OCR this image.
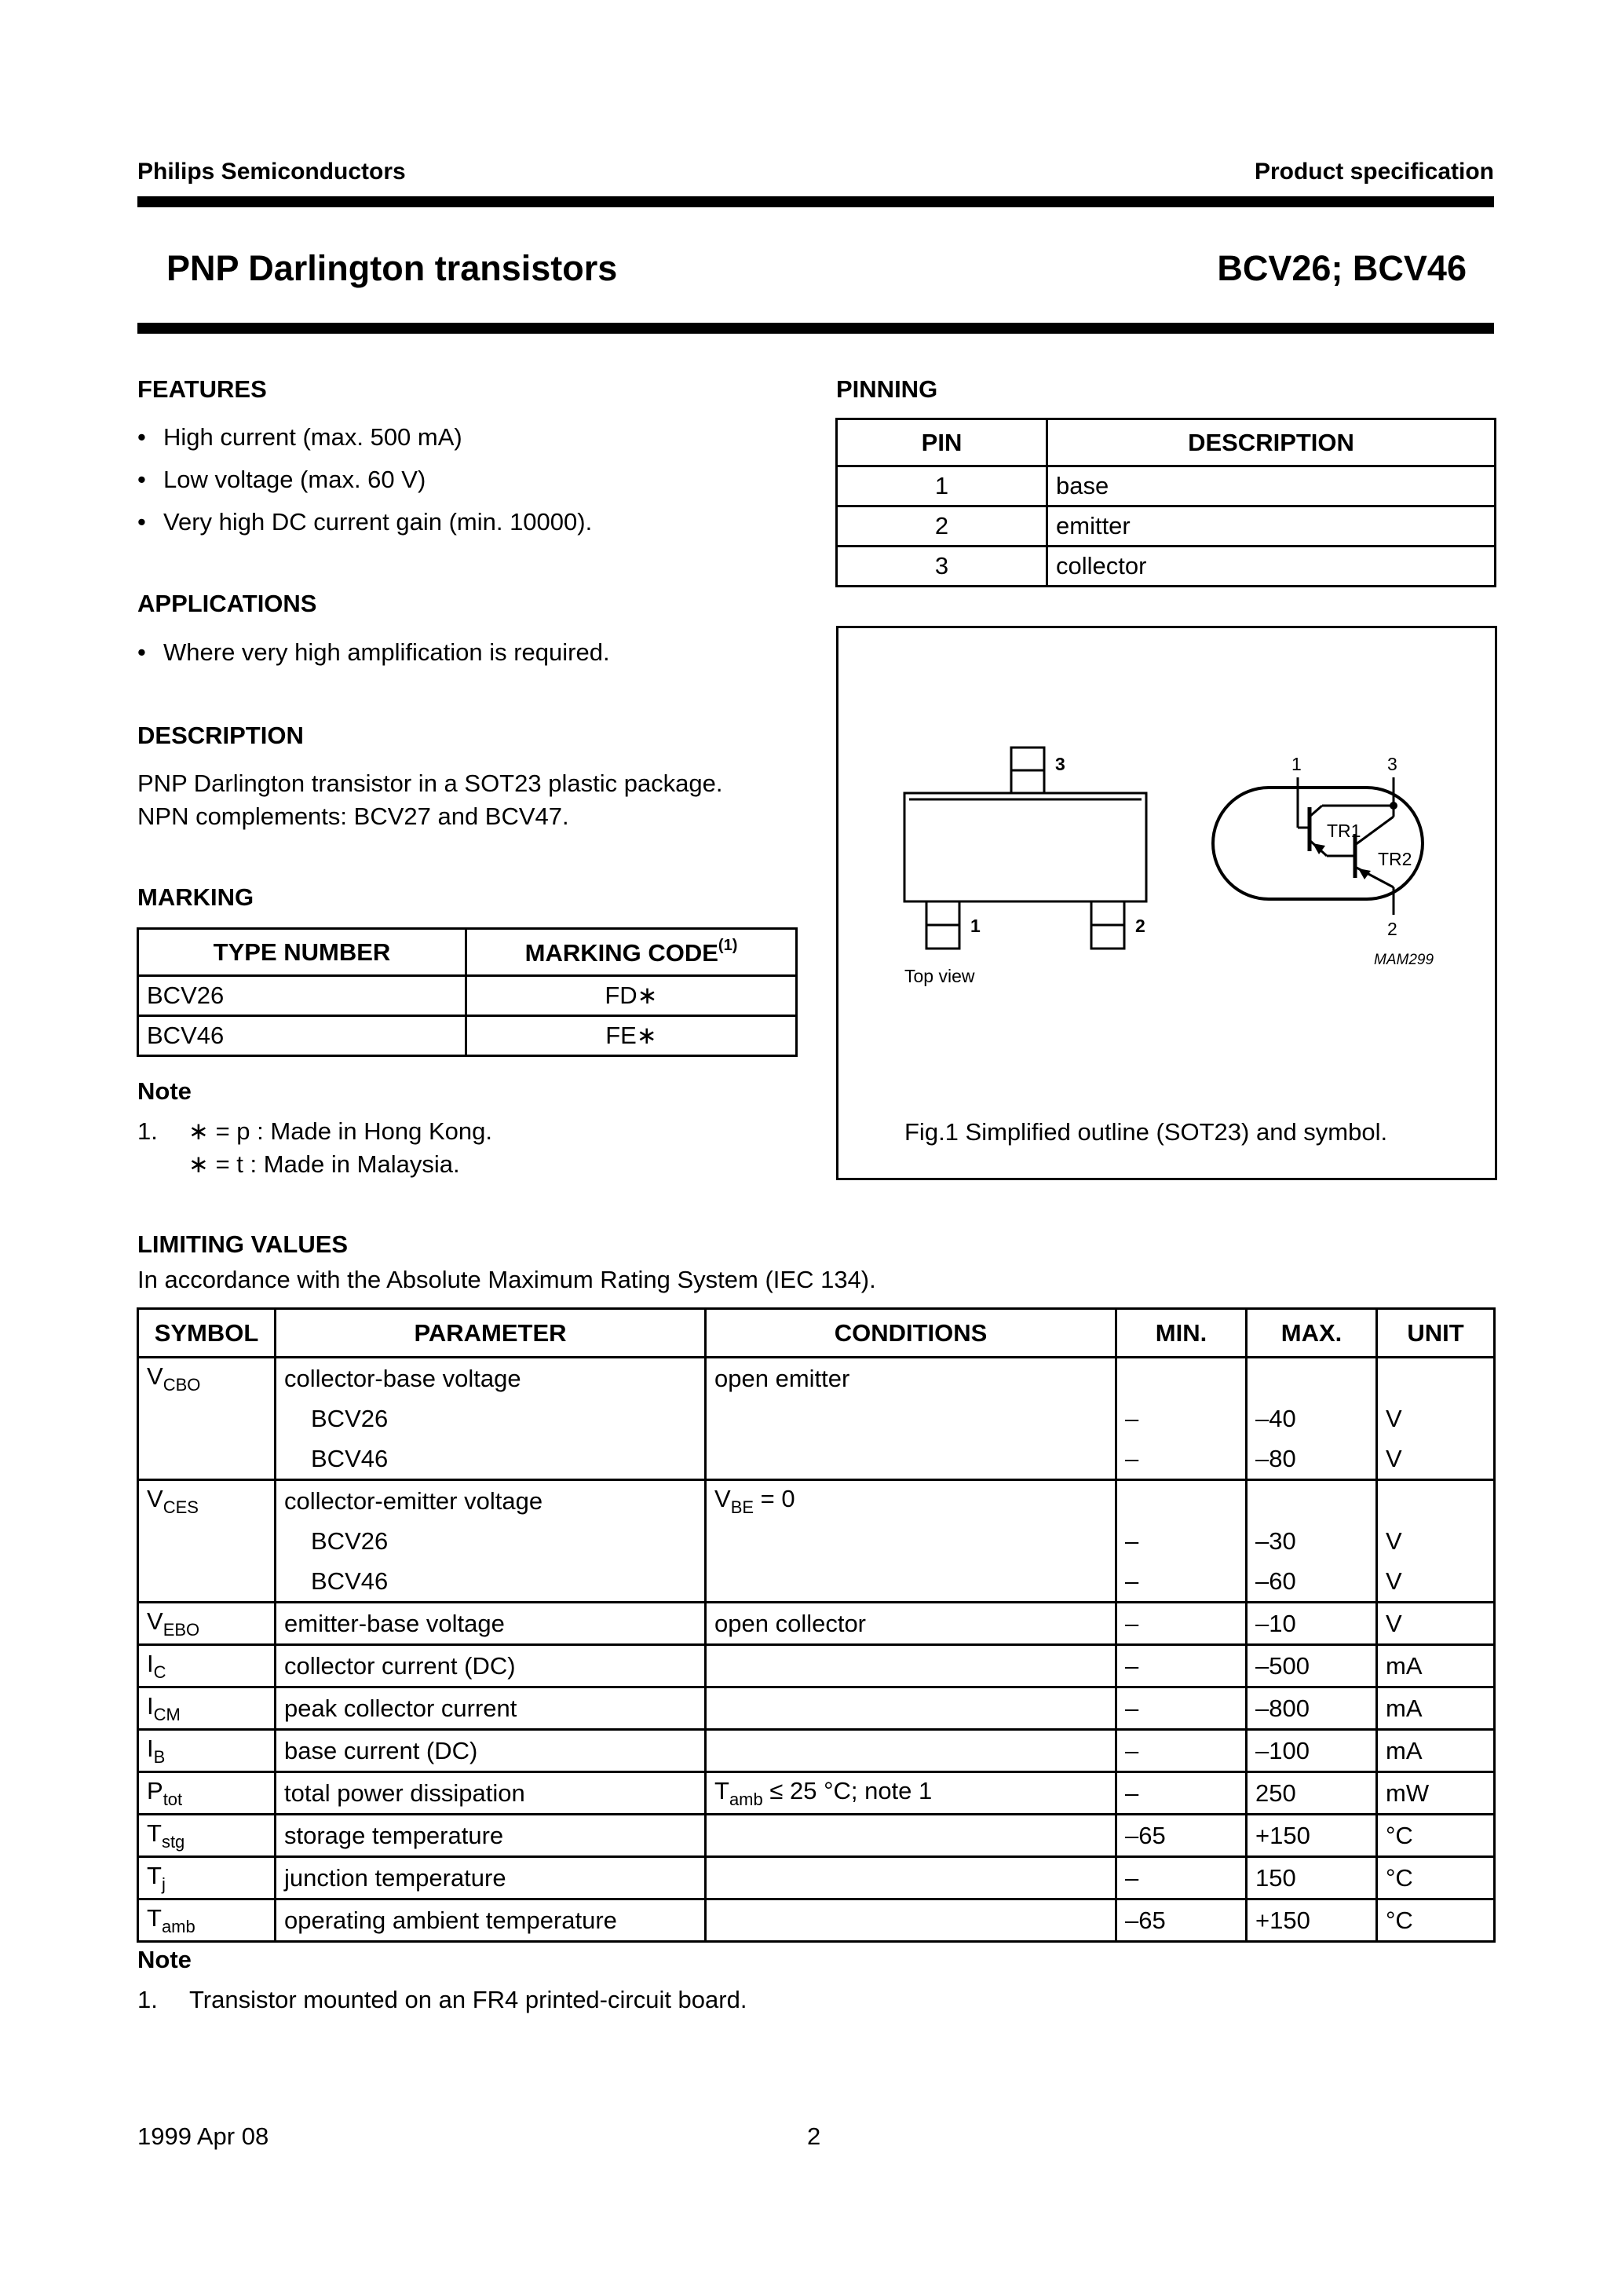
Philips Semiconductors	Product specification
PNP Darlington transistors	BCV26; BCV46
FEATURES
• High current (max. 500 mA)
• Low voltage (max. 60 V)
• Very high DC current gain (min. 10000).
APPLICATIONS
• Where very high amplification is required.
DESCRIPTION
PNP Darlington transistor in a SOT23 plastic package.
NPN complements: BCV27 and BCV47.
MARKING
TYPE NUMBER	MARKING CODE$^{(1)}$
BCV26	FD∗
BCV46	FE∗
Note
1. ∗ = p : Made in Hong Kong.
∗ = t : Made in Malaysia.
PINNING
PIN	DESCRIPTION
1	base
2	emitter
3	collector
3
1	2
Top view
1	3
2
TR1
TR2
MAM299
Fig.1 Simplified outline (SOT23) and symbol.
LIMITING VALUES
In accordance with the Absolute Maximum Rating System (IEC 134).
SYMBOL	PARAMETER	CONDITIONS	MIN.	MAX.	UNIT
$V_{CBO}$	collector-base voltage	open emitter			
	BCV26		–	–40	V
	BCV46		–	–80	V
$V_{CES}$	collector-emitter voltage	$V_{BE} = 0$			
	BCV26		–	–30	V
	BCV46		–	–60	V
$V_{EBO}$	emitter-base voltage	open collector	–	–10	V
$I_C$	collector current (DC)		–	–500	mA
$I_{CM}$	peak collector current		–	–800	mA
$I_B$	base current (DC)		–	–100	mA
$P_{tot}$	total power dissipation	$T_{amb} \le 25$ °C; note 1	–	250	mW
$T_{stg}$	storage temperature		–65	+150	°C
$T_j$	junction temperature		–	150	°C
$T_{amb}$	operating ambient temperature		–65	+150	°C
Note
1. Transistor mounted on an FR4 printed-circuit board.
1999 Apr 08	2
